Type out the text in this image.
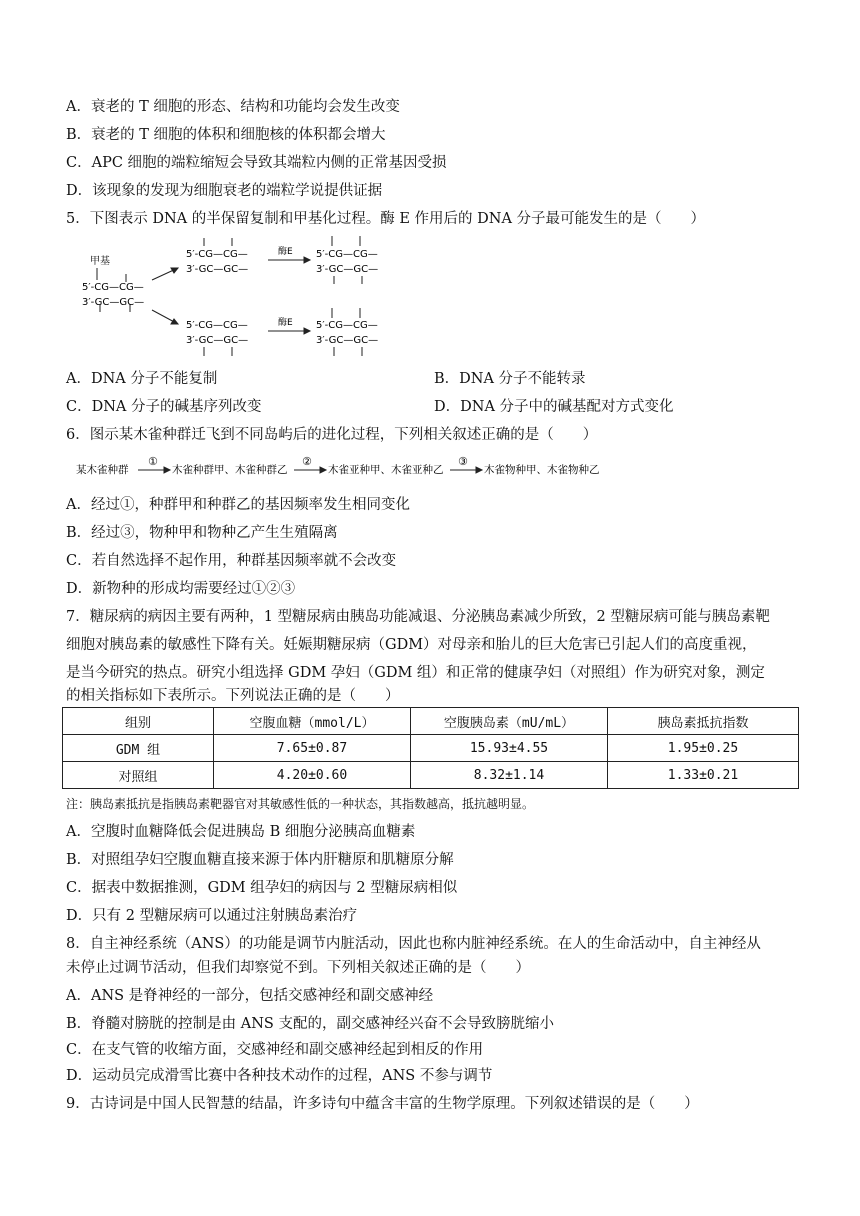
A．衰老的 T 细胞的形态、结构和功能均会发生改变
B．衰老的 T 细胞的体积和细胞核的体积都会增大
C．APC 细胞的端粒缩短会导致其端粒内侧的正常基因受损
D．该现象的发现为细胞衰老的端粒学说提供证据
5．下图表示 DNA 的半保留复制和甲基化过程。酶 E 作用后的 DNA 分子最可能发生的是（　　）
甲基
5′-CG—CG—
3′-GC—GC—
5′-CG—CG—
3′-GC—GC—
酶E 5′-CG—CG—
3′-GC—GC—
5′-CG—CG—
3′-GC—GC—
酶E 5′-CG—CG—
3′-GC—GC—
A．DNA 分子不能复制	B．DNA 分子不能转录
C．DNA 分子的碱基序列改变	D．DNA 分子中的碱基配对方式变化
6．图示某木雀种群迁飞到不同岛屿后的进化过程，下列相关叙述正确的是（　　）
某木雀种群
①
木雀种群甲、木雀种群乙
②
木雀亚种甲、木雀亚种乙
③
木雀物种甲、木雀物种乙
A．经过①，种群甲和种群乙的基因频率发生相同变化
B．经过③，物种甲和物种乙产生生殖隔离
C．若自然选择不起作用，种群基因频率就不会改变
D．新物种的形成均需要经过①②③
7．糖尿病的病因主要有两种，1 型糖尿病由胰岛功能减退、分泌胰岛素减少所致，2 型糖尿病可能与胰岛素靶
细胞对胰岛素的敏感性下降有关。妊娠期糖尿病（GDM）对母亲和胎儿的巨大危害已引起人们的高度重视，
是当今研究的热点。研究小组选择 GDM 孕妇（GDM 组）和正常的健康孕妇（对照组）作为研究对象，测定
的相关指标如下表所示。下列说法正确的是（　　）
组别	空腹血糖（mmol/L）	空腹胰岛素（mU/mL）	胰岛素抵抗指数
GDM 组	7.65±0.87	15.93±4.55	1.95±0.25
对照组	4.20±0.60	8.32±1.14	1.33±0.21
注：胰岛素抵抗是指胰岛素靶器官对其敏感性低的一种状态，其指数越高，抵抗越明显。
A．空腹时血糖降低会促进胰岛 B 细胞分泌胰高血糖素
B．对照组孕妇空腹血糖直接来源于体内肝糖原和肌糖原分解
C．据表中数据推测，GDM 组孕妇的病因与 2 型糖尿病相似
D．只有 2 型糖尿病可以通过注射胰岛素治疗
8．自主神经系统（ANS）的功能是调节内脏活动，因此也称内脏神经系统。在人的生命活动中，自主神经从
未停止过调节活动，但我们却察觉不到。下列相关叙述正确的是（　　）
A．ANS 是脊神经的一部分，包括交感神经和副交感神经
B．脊髓对膀胱的控制是由 ANS 支配的，副交感神经兴奋不会导致膀胱缩小
C．在支气管的收缩方面，交感神经和副交感神经起到相反的作用
D．运动员完成滑雪比赛中各种技术动作的过程，ANS 不参与调节
9．古诗词是中国人民智慧的结晶，许多诗句中蕴含丰富的生物学原理。下列叙述错误的是（　　）
